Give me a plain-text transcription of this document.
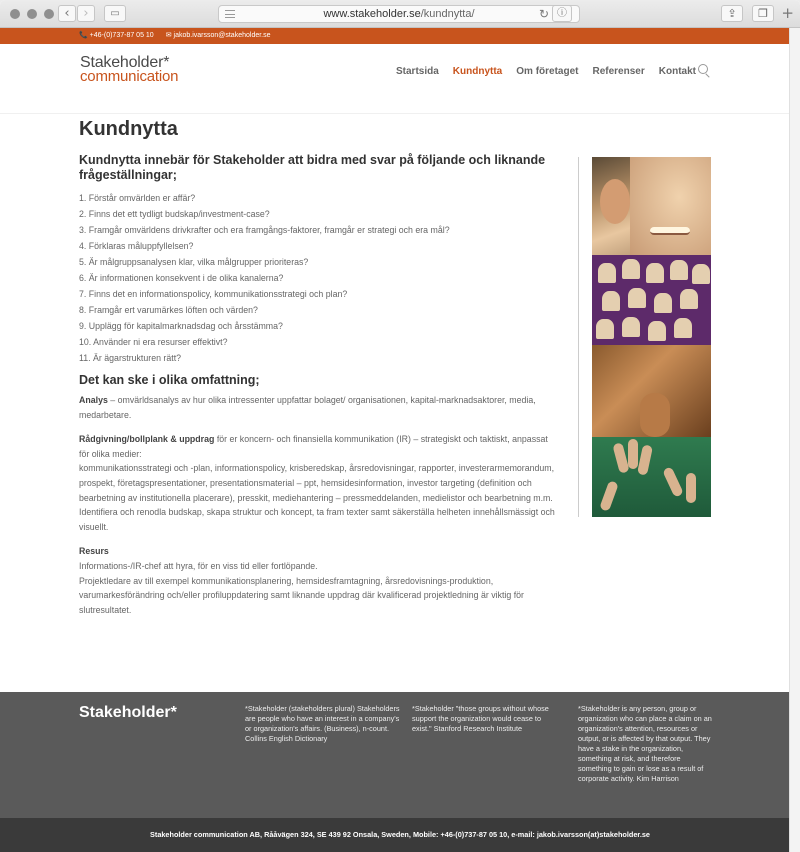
‹	›	▭	www.stakeholder.se/kundnytta/	↻ ⓘ	⇪	❐ +
📞 +46-(0)737-87 05 10 ✉ jakob.ivarsson@stakeholder.se
Stakeholder*
communication	Startsida Kundnytta Om företaget Referenser Kontakt
Kundnytta
Kundnytta innebär för Stakeholder att bidra med svar på följande och liknande frågeställningar;
1. Förstår omvärlden er affär?
2. Finns det ett tydligt budskap/investment-case?
3. Framgår omvärldens drivkrafter och era framgångs-faktorer, framgår er strategi och era mål?
4. Förklaras måluppfyllelsen?
5. Är målgruppsanalysen klar, vilka målgrupper prioriteras?
6. Är informationen konsekvent i de olika kanalerna?
7. Finns det en informationspolicy, kommunikationsstrategi och plan?
8. Framgår ert varumärkes löften och värden?
9. Upplägg för kapitalmarknadsdag och årsstämma?
10. Använder ni era resurser effektivt?
11. Är ägarstrukturen rätt?
Det kan ske i olika omfattning;

Analys – omvärldsanalys av hur olika intressenter uppfattar bolaget/ organisationen, kapital-marknadsaktorer, media, medarbetare.

Rådgivning/bollplank & uppdrag för er koncern- och finansiella kommunikation (IR) – strategiskt och taktiskt, anpassat för olika medier:
kommunikationsstrategi och -plan, informationspolicy, krisberedskap, årsredovisningar, rapporter, investerarmemorandum, prospekt, företagspresentationer, presentationsmaterial – ppt, hemsidesinformation, investor targeting (definition och bearbetning av institutionella placerare), presskit, mediehantering – pressmeddelanden, medielistor och bearbetning m.m.
Identifiera och renodla budskap, skapa struktur och koncept, ta fram texter samt säkerställa helheten innehållsmässigt och visuellt.

Resurs
Informations-/IR-chef att hyra, för en viss tid eller fortlöpande.
Projektledare av till exempel kommunikationsplanering, hemsidesframtagning, årsredovisnings-produktion, varumarkesförändring och/eller profiluppdatering samt liknande uppdrag där kvalificerad projektledning är viktig för slutresultatet.

Stakeholder*	*Stakeholder (stakeholders plural) Stakeholders are people who have an interest in a company's or organization's affairs. (Business), n-count. Collins English Dictionary
*Stakeholder "those groups without whose support the organization would cease to exist." Stanford Research Institute
*Stakeholder is any person, group or organization who can place a claim on an organization's attention, resources or output, or is affected by that output. They have a stake in the organization, something at risk, and therefore something to gain or lose as a result of corporate activity. Kim Harrison
Stakeholder communication AB, Rååvägen 324, SE 439 92 Onsala, Sweden, Mobile: +46-(0)737-87 05 10, e-mail: jakob.ivarsson(at)stakeholder.se
